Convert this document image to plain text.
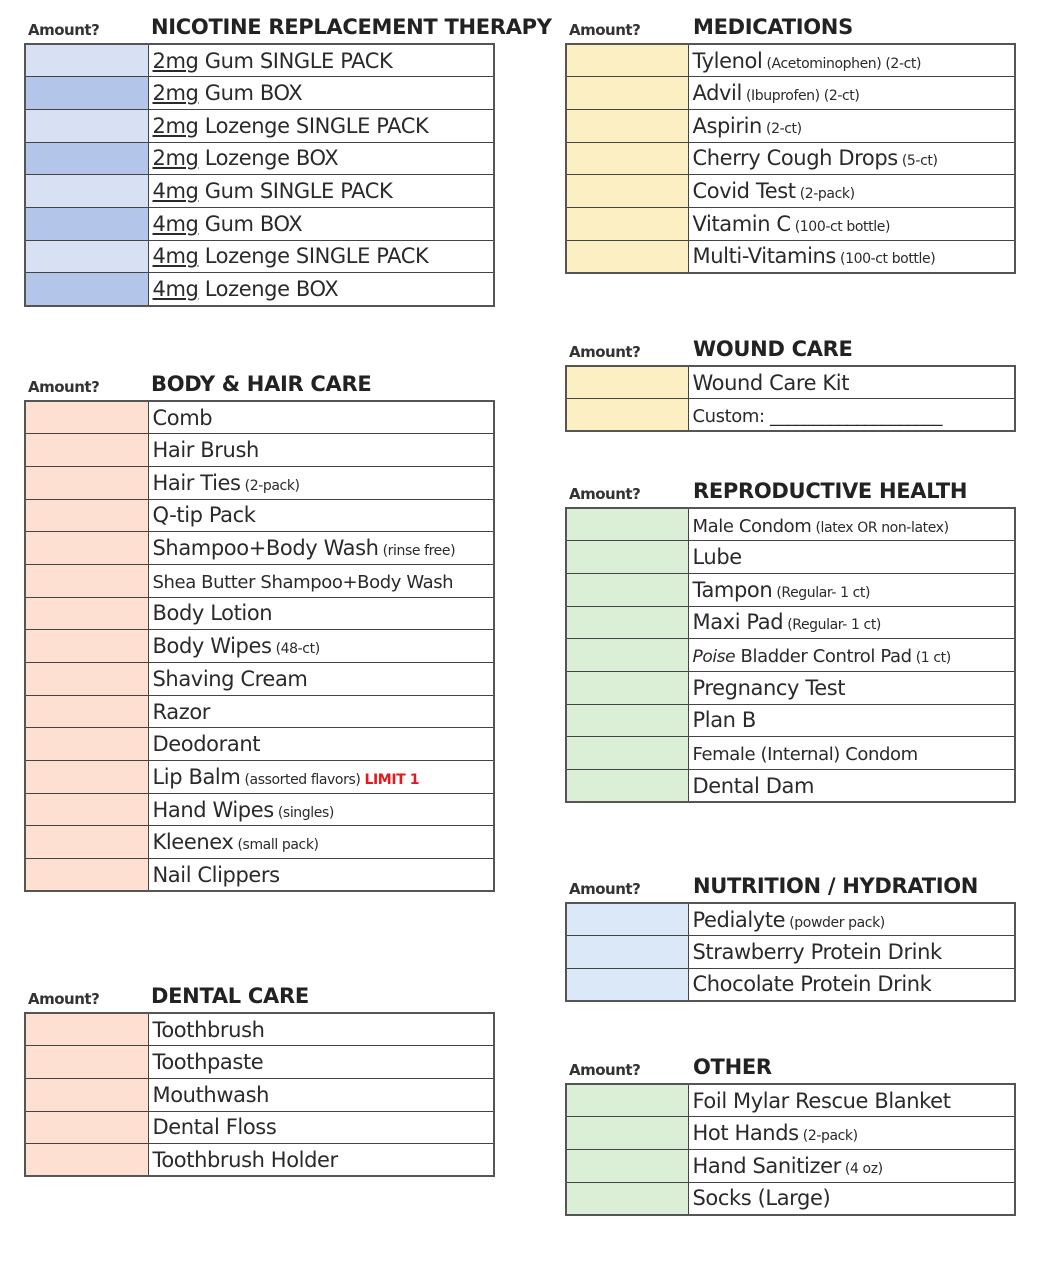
Amount? NICOTINE REPLACEMENT THERAPY
	2mg Gum SINGLE PACK
	2mg Gum BOX
	2mg Lozenge SINGLE PACK
	2mg Lozenge BOX
	4mg Gum SINGLE PACK
	4mg Gum BOX
	4mg Lozenge SINGLE PACK
	4mg Lozenge BOX
Amount? BODY & HAIR CARE
	Comb
	Hair Brush
	Hair Ties (2-pack)
	Q-tip Pack
	Shampoo+Body Wash (rinse free)
	Shea Butter Shampoo+Body Wash
	Body Lotion
	Body Wipes (48-ct)
	Shaving Cream
	Razor
	Deodorant
	Lip Balm (assorted flavors) LIMIT 1
	Hand Wipes (singles)
	Kleenex (small pack)
	Nail Clippers
Amount? DENTAL CARE
	Toothbrush
	Toothpaste
	Mouthwash
	Dental Floss
	Toothbrush Holder
Amount?	MEDICATIONS
	Tylenol (Acetominophen) (2-ct)
	Advil (Ibuprofen) (2-ct)
	Aspirin (2-ct)
	Cherry Cough Drops (5-ct)
	Covid Test (2-pack)
	Vitamin C (100-ct bottle)
	Multi-Vitamins (100-ct bottle)
Amount?	WOUND CARE
	Wound Care Kit
	Custom: ____________________
Amount?	REPRODUCTIVE HEALTH
	Male Condom (latex OR non-latex)
	Lube
	Tampon (Regular- 1 ct)
	Maxi Pad (Regular- 1 ct)
	Poise Bladder Control Pad (1 ct)
	Pregnancy Test
	Plan B
	Female (Internal) Condom
	Dental Dam
Amount?	NUTRITION / HYDRATION
	Pedialyte (powder pack)
	Strawberry Protein Drink
	Chocolate Protein Drink
Amount?	OTHER
	Foil Mylar Rescue Blanket
	Hot Hands (2-pack)
	Hand Sanitizer (4 oz)
	Socks (Large)
